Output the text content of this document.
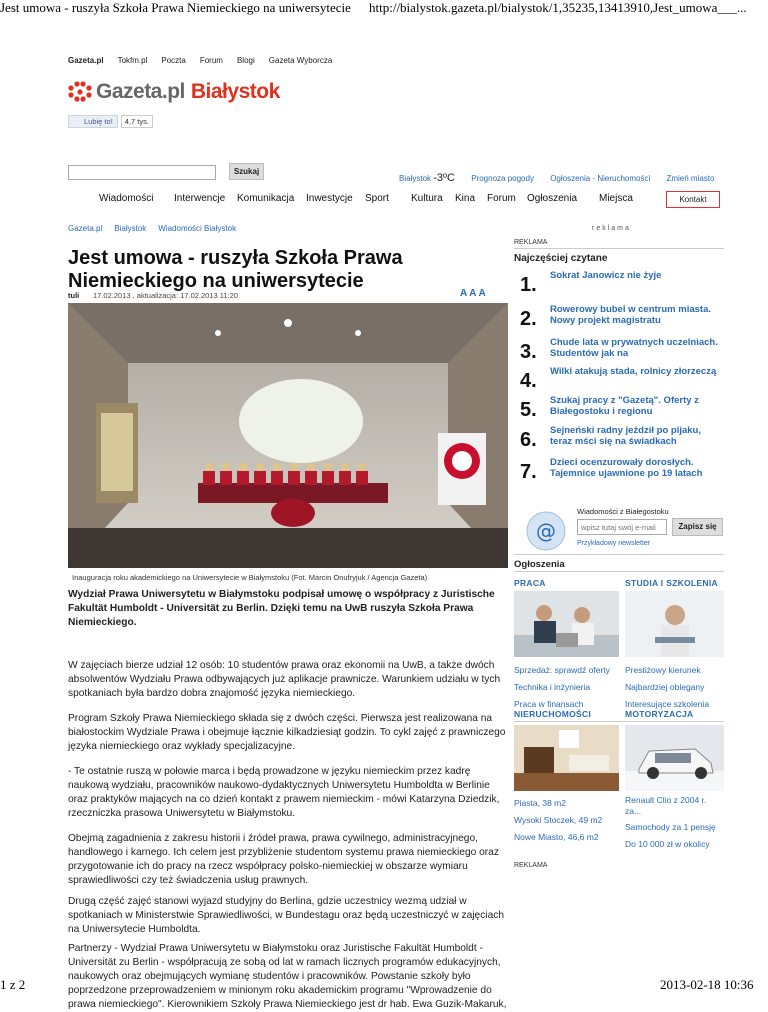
Jest umowa - ruszyła Szkoła Prawa Niemieckiego na uniwersytecie http://bialystok.gazeta.pl/bialystok/1,35235,13413910,Jest_umowa___...
1 z 2	2013-02-18 10:36
Gazeta.pl Tokfm.pl Poczta Forum Blogi Gazeta Wyborcza
Gazeta.pl Białystok
Lubię to!	4,7 tys.
Szukaj
Białystok -3ºC Prognoza pogody Ogłoszenia - Nieruchomości Zmień miasto
Wiadomości Interwencje Komunikacja Inwestycje Sport Kultura Kina Forum Ogłoszenia Miejsca	Kontakt
Gazeta.pl Białystok Wiadomości Białystok	reklama
Jest umowa - ruszyła Szkoła Prawa Niemieckiego na uniwersytecie
tuli 17.02.2013 , aktualizacja: 17.02.2013 11:20	A A A
Inauguracja roku akademickiego na Uniwersytecie w Białymstoku (Fot. Marcin Onufryjuk / Agencja Gazeta)

Wydział Prawa Uniwersytetu w Białymstoku podpisał umowę o współpracy z Juristische Fakultät Humboldt - Universität zu Berlin. Dzięki temu na UwB ruszyła Szkoła Prawa Niemieckiego.

W zajęciach bierze udział 12 osób: 10 studentów prawa oraz ekonomii na UwB, a także dwóch absolwentów Wydziału Prawa odbywających już aplikacje prawnicze. Warunkiem udziału w tych spotkaniach była bardzo dobra znajomość języka niemieckiego.

Program Szkoły Prawa Niemieckiego składa się z dwóch części. Pierwsza jest realizowana na białostockim Wydziale Prawa i obejmuje łącznie kilkadziesiąt godzin. To cykl zajęć z prawniczego języka niemieckiego oraz wykłady specjalizacyjne.

- Te ostatnie ruszą w połowie marca i będą prowadzone w języku niemieckim przez kadrę naukową wydziału, pracowników naukowo-dydaktycznych Uniwersytetu Humboldta w Berlinie oraz praktyków mających na co dzień kontakt z prawem niemieckim - mówi Katarzyna Dziedzik, rzeczniczka prasowa Uniwersytetu w Białymstoku.

Obejmą zagadnienia z zakresu historii i źródeł prawa, prawa cywilnego, administracyjnego, handlowego i karnego. Ich celem jest przybliżenie studentom systemu prawa niemieckiego oraz przygotowanie ich do pracy na rzecz współpracy polsko-niemieckiej w obszarze wymiaru sprawiedliwości czy też świadczenia usług prawnych.

Drugą część zajęć stanowi wyjazd studyjny do Berlina, gdzie uczestnicy wezmą udział w spotkaniach w Ministerstwie Sprawiedliwości, w Bundestagu oraz będą uczestniczyć w zajęciach na Uniwersytecie Humboldta.

Partnerzy - Wydział Prawa Uniwersytetu w Białymstoku oraz Juristische Fakultät Humboldt - Universität zu Berlin - współpracują ze sobą od lat w ramach licznych programów edukacyjnych, naukowych oraz obejmujących wymianę studentów i pracowników. Powstanie szkoły było poprzedzone przeprowadzeniem w minionym roku akademickim programu "Wprowadzenie do prawa niemieckiego". Kierownikiem Szkoły Prawa Niemieckiego jest dr hab. Ewa Guzik-Makaruk,

REKLAMA
Najczęściej czytane
1. Sokrat Janowicz nie żyje
2. Rowerowy bubel w centrum miasta. Nowy projekt magistratu
3. Chude lata w prywatnych uczelniach. Studentów jak na
4. Wilki atakują stada, rolnicy złorzeczą
5. Szukaj pracy z "Gazetą". Oferty z Białegostoku i regionu
6. Sejneński radny jeździł po pijaku, teraz mści się na świadkach
7. Dzieci ocenzurowały dorosłych. Tajemnice ujawnione po 19 latach
Wiadomości z Białegostoku
@
wpisz tutaj swój e-mail	Zapisz się
Przykładowy newsletter
Ogłoszenia
PRACA	STUDIA I SZKOLENIA
Sprzedaż: sprawdź oferty
Technika i inżynieria
Praca w finansach
Prestiżowy kierunek
Najbardziej oblegany
Interesujące szkolenia
NIERUCHOMOŚCI	MOTORYZACJA
Piasta, 38 m2
Wysoki Stoczek, 49 m2
Nowe Miasto, 46,6 m2
Renault Clio z 2004 r. za...
Samochody za 1 pensję
Do 10 000 zł w okolicy
REKLAMA
